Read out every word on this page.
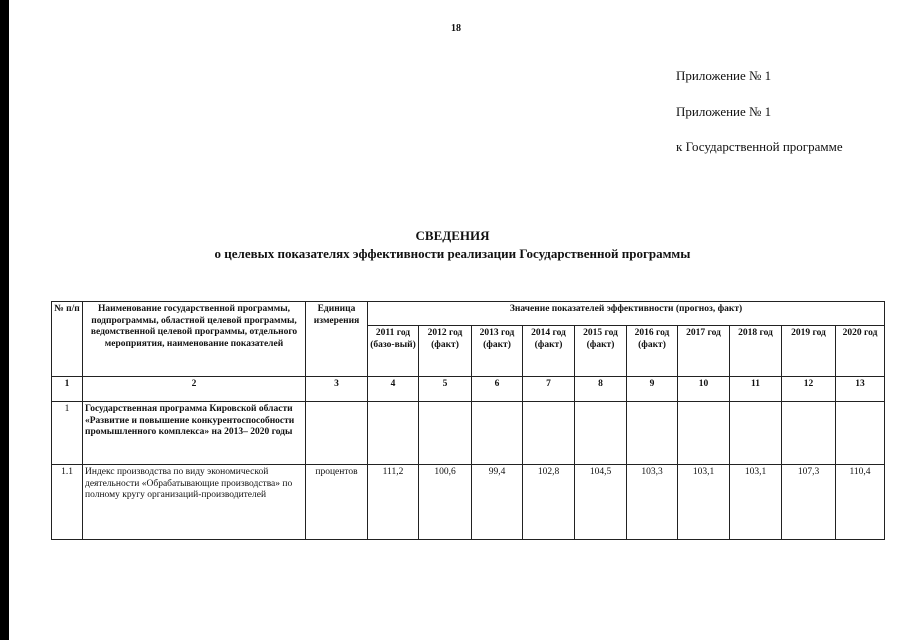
18
Приложение № 1
Приложение № 1
к Государственной программе
СВЕДЕНИЯ
о целевых показателях эффективности реализации Государственной программы
№ п/п	Наименование государственной программы, подпрограммы, областной целевой программы, ведомственной целевой программы, отдельного мероприятия, наименование показателей	Единица измерения	Значение показателей эффективности (прогноз, факт)									
			2011 год (базо-вый)	2012 год (факт)	2013 год (факт)	2014 год (факт)	2015 год (факт)	2016 год (факт)	2017 год	2018 год	2019 год	2020 год
1	2	3	4	5	6	7	8	9	10	11	12	13
1	Государственная программа Кировской области «Развитие и повышение конкурентоспособности промышленного комплекса» на 2013– 2020 годы											
1.1	Индекс производства по виду экономической деятельности «Обрабатывающие производства» по полному кругу организаций-производителей	процентов	111,2	100,6	99,4	102,8	104,5	103,3	103,1	103,1	107,3	110,4
